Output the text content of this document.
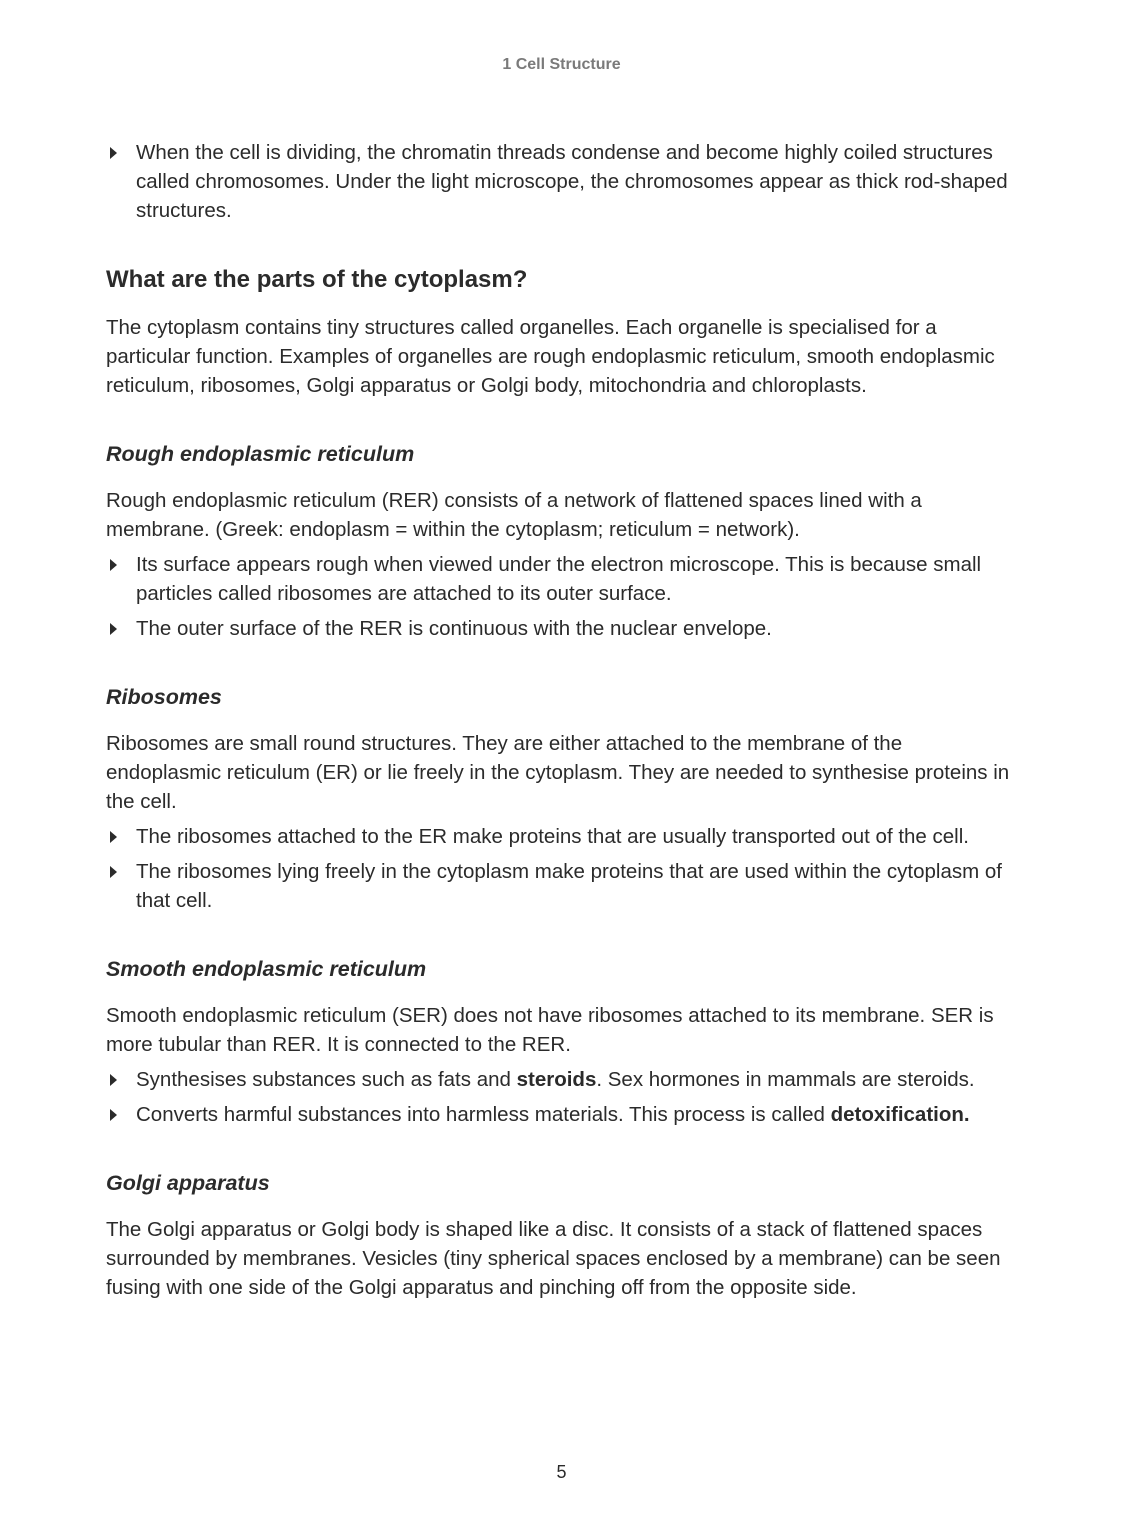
1 Cell Structure
When the cell is dividing, the chromatin threads condense and become highly coiled structures called chromosomes. Under the light microscope, the chromosomes appear as thick rod-shaped structures.
What are the parts of the cytoplasm?

The cytoplasm contains tiny structures called organelles. Each organelle is specialised for a particular function. Examples of organelles are rough endoplasmic reticulum, smooth endoplasmic reticulum, ribosomes, Golgi apparatus or Golgi body, mitochondria and chloroplasts.

Rough endoplasmic reticulum

Rough endoplasmic reticulum (RER) consists of a network of flattened spaces lined with a membrane. (Greek: endoplasm = within the cytoplasm; reticulum = network).

Its surface appears rough when viewed under the electron microscope. This is because small particles called ribosomes are attached to its outer surface.
The outer surface of the RER is continuous with the nuclear envelope.
Ribosomes

Ribosomes are small round structures. They are either attached to the membrane of the endoplasmic reticulum (ER) or lie freely in the cytoplasm. They are needed to synthesise proteins in the cell.

The ribosomes attached to the ER make proteins that are usually transported out of the cell.
The ribosomes lying freely in the cytoplasm make proteins that are used within the cytoplasm of that cell.
Smooth endoplasmic reticulum

Smooth endoplasmic reticulum (SER) does not have ribosomes attached to its membrane. SER is more tubular than RER. It is connected to the RER.

Synthesises substances such as fats and steroids. Sex hormones in mammals are steroids.
Converts harmful substances into harmless materials. This process is called detoxification.
Golgi apparatus

The Golgi apparatus or Golgi body is shaped like a disc. It consists of a stack of flattened spaces surrounded by membranes. Vesicles (tiny spherical spaces enclosed by a membrane) can be seen fusing with one side of the Golgi apparatus and pinching off from the opposite side.

5
